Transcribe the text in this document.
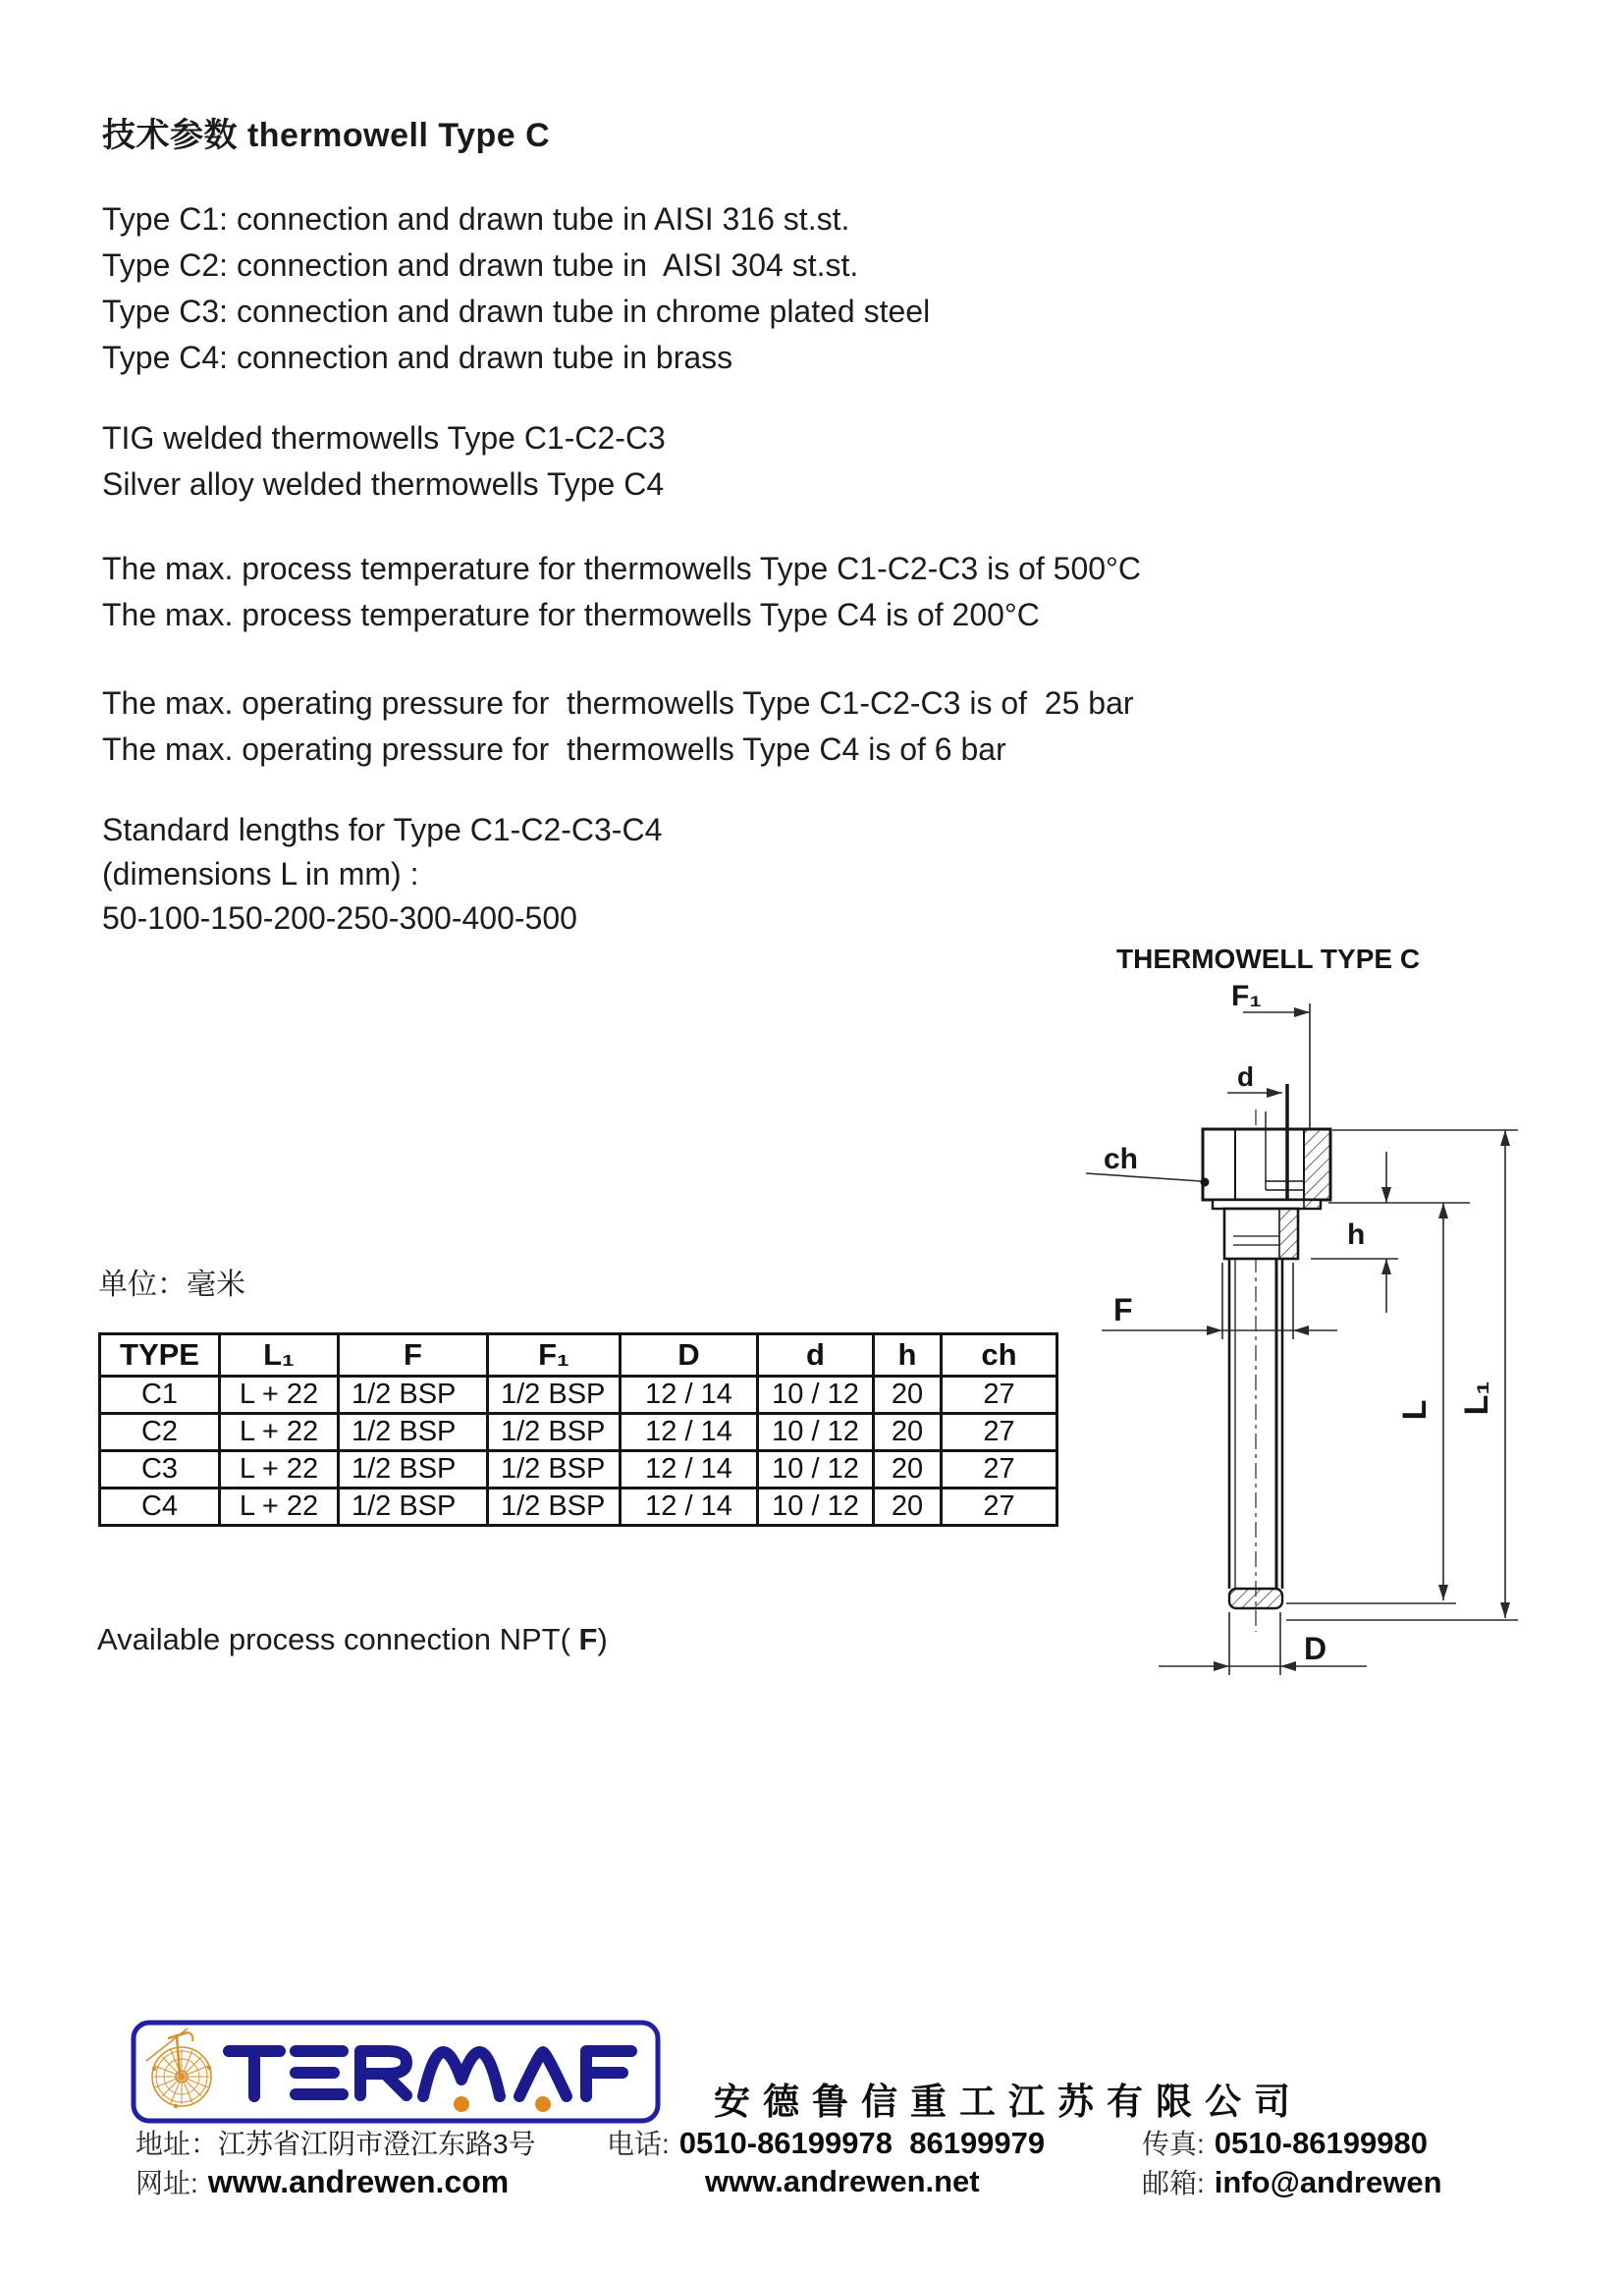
技术参数 thermowell Type C
Type C1: connection and drawn tube in AISI 316 st.st.
Type C2: connection and drawn tube in  AISI 304 st.st.
Type C3: connection and drawn tube in chrome plated steel
Type C4: connection and drawn tube in brass
TIG welded thermowells Type C1-C2-C3
Silver alloy welded thermowells Type C4
The max. process temperature for thermowells Type C1-C2-C3 is of 500°C
The max. process temperature for thermowells Type C4 is of 200°C
The max. operating pressure for  thermowells Type C1-C2-C3 is of  25 bar
The max. operating pressure for  thermowells Type C4 is of 6 bar
Standard lengths for Type C1-C2-C3-C4
(dimensions L in mm) :
50-100-150-200-250-300-400-500
单位：毫米
TYPE	L₁	F	F₁	D	d	h	ch
C1	L + 22	1/2 BSP	1/2 BSP	12 / 14	10 / 12	20	27
C2	L + 22	1/2 BSP	1/2 BSP	12 / 14	10 / 12	20	27
C3	L + 22	1/2 BSP	1/2 BSP	12 / 14	10 / 12	20	27
C4	L + 22	1/2 BSP	1/2 BSP	12 / 14	10 / 12	20	27
Available process connection NPT( F)
THERMOWELL TYPE C
F₁
d
ch
h
F
L L₁
D
安德鲁信重工江苏有限公司
地址： 江苏省江阴市澄江东路3号	电话: 0510-86199978  86199979	传真: 0510-86199980
网址: www.andrewen.com	www.andrewen.net	邮箱: info@andrewen
